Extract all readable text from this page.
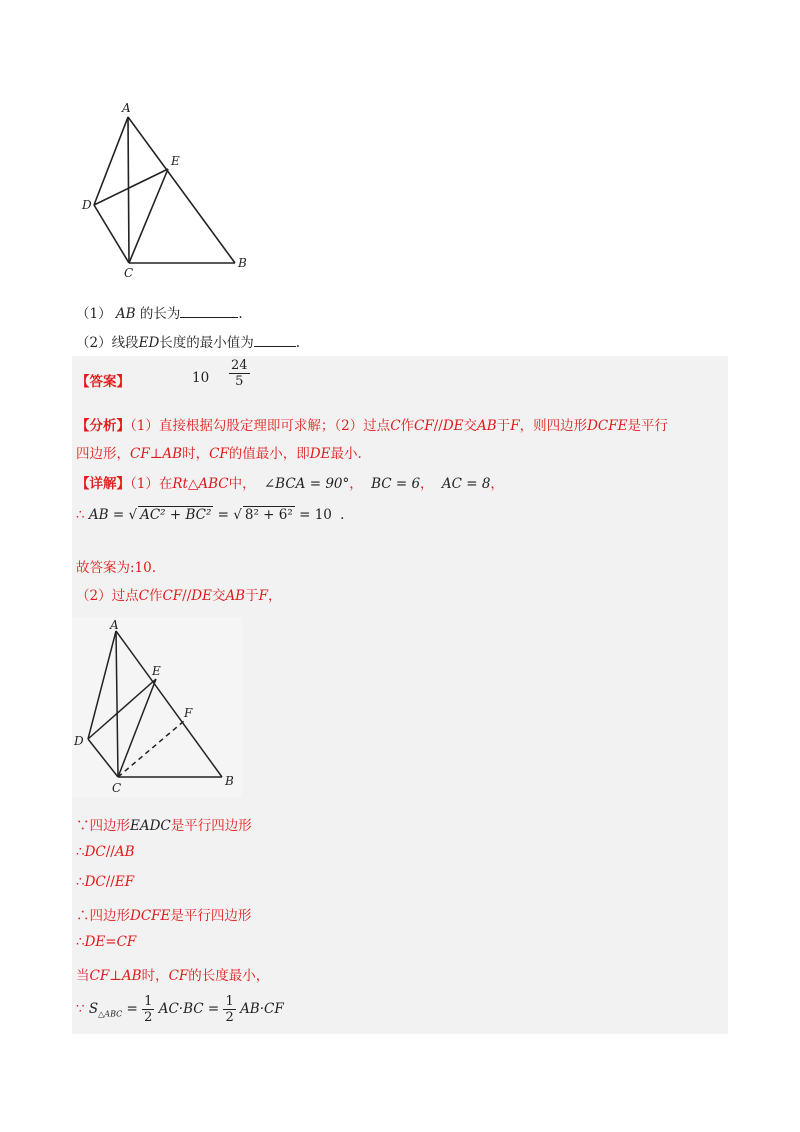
A
E
D
C
B
（1） AB 的长为	.
（2）线段ED长度的最小值为	.
【答案】	$10 \frac{24}{5}$
【分析】（1）直接根据勾股定理即可求解；（2）过点C作CF//DE交AB于F，则四边形DCFE是平行
四边形，CF⊥AB时，CF的值最小，即DE最小.
【详解】（1）在Rt△ABC中， ∠BCA = 90°， BC = 6， AC = 8，
∴ AB = √ AC² + BC² = √ 8² + 6² = 10 .
故答案为:10.
（2）过点C作CF//DE交AB于F，
A
E
F
D
C	B
∵四边形EADC是平行四边形
∴DC//AB
∴DC//EF
∴四边形DCFE是平行四边形
∴DE=CF
当CF⊥AB时，CF的长度最小，
∵ $S_{\triangle ABC} = \frac{1}{2} AC\cdot BC = \frac{1}{2} AB\cdot CF$
